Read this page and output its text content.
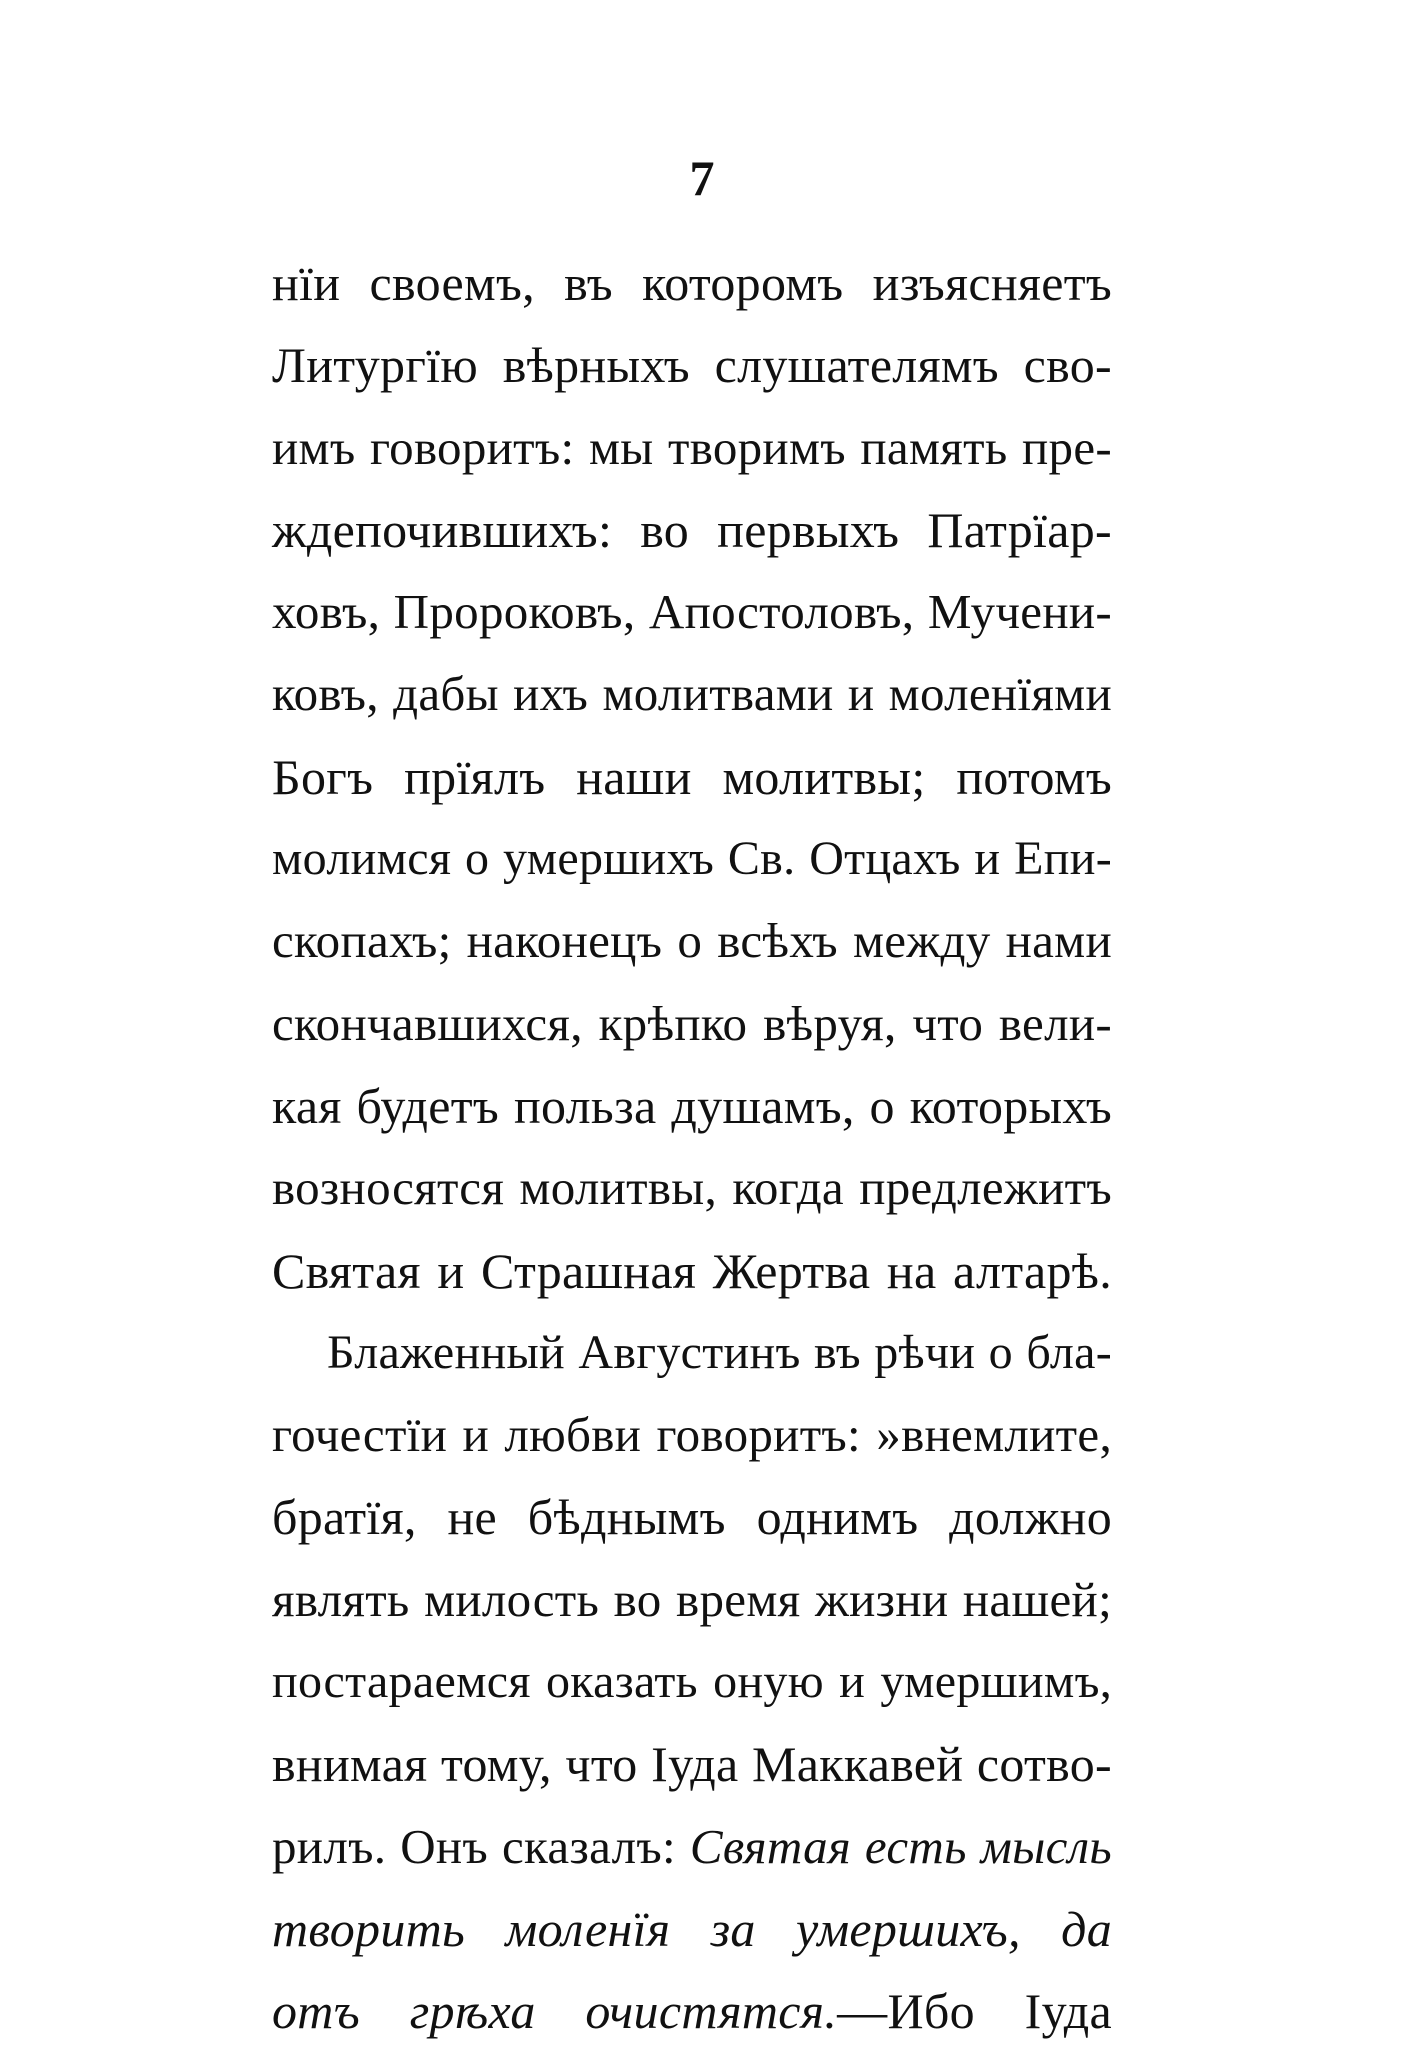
7
нїи своемъ, въ которомъ изъясняетъ
Литургїю вѣрныхъ слушателямъ сво-
имъ говоритъ: мы творимъ память пре-
ждепочившихъ: во первыхъ Патрїар-
ховъ, Пророковъ, Апостоловъ, Мучени-
ковъ, дабы ихъ молитвами и моленїями
Богъ прїялъ наши молитвы; потомъ
молимся о умершихъ Св. Отцахъ и Епи-
скопахъ; наконецъ о всѣхъ между нами
скончавшихся, крѣпко вѣруя, что вели-
кая будетъ польза душамъ, о которыхъ
возносятся молитвы, когда предлежитъ
Святая и Страшная Жертва на алтарѣ.
Блаженный Августинъ въ рѣчи о бла-
гочестїи и любви говоритъ: »внемлите,
братїя, не бѣднымъ однимъ должно
являть милость во время жизни нашей;
постараемся оказать оную и умершимъ,
внимая тому, что Іуда Маккавей сотво-
рилъ. Онъ сказалъ: Святая есть мысль
творить моленїя за умершихъ, да
отъ грѣха очистятся.—Ибо Іуда
